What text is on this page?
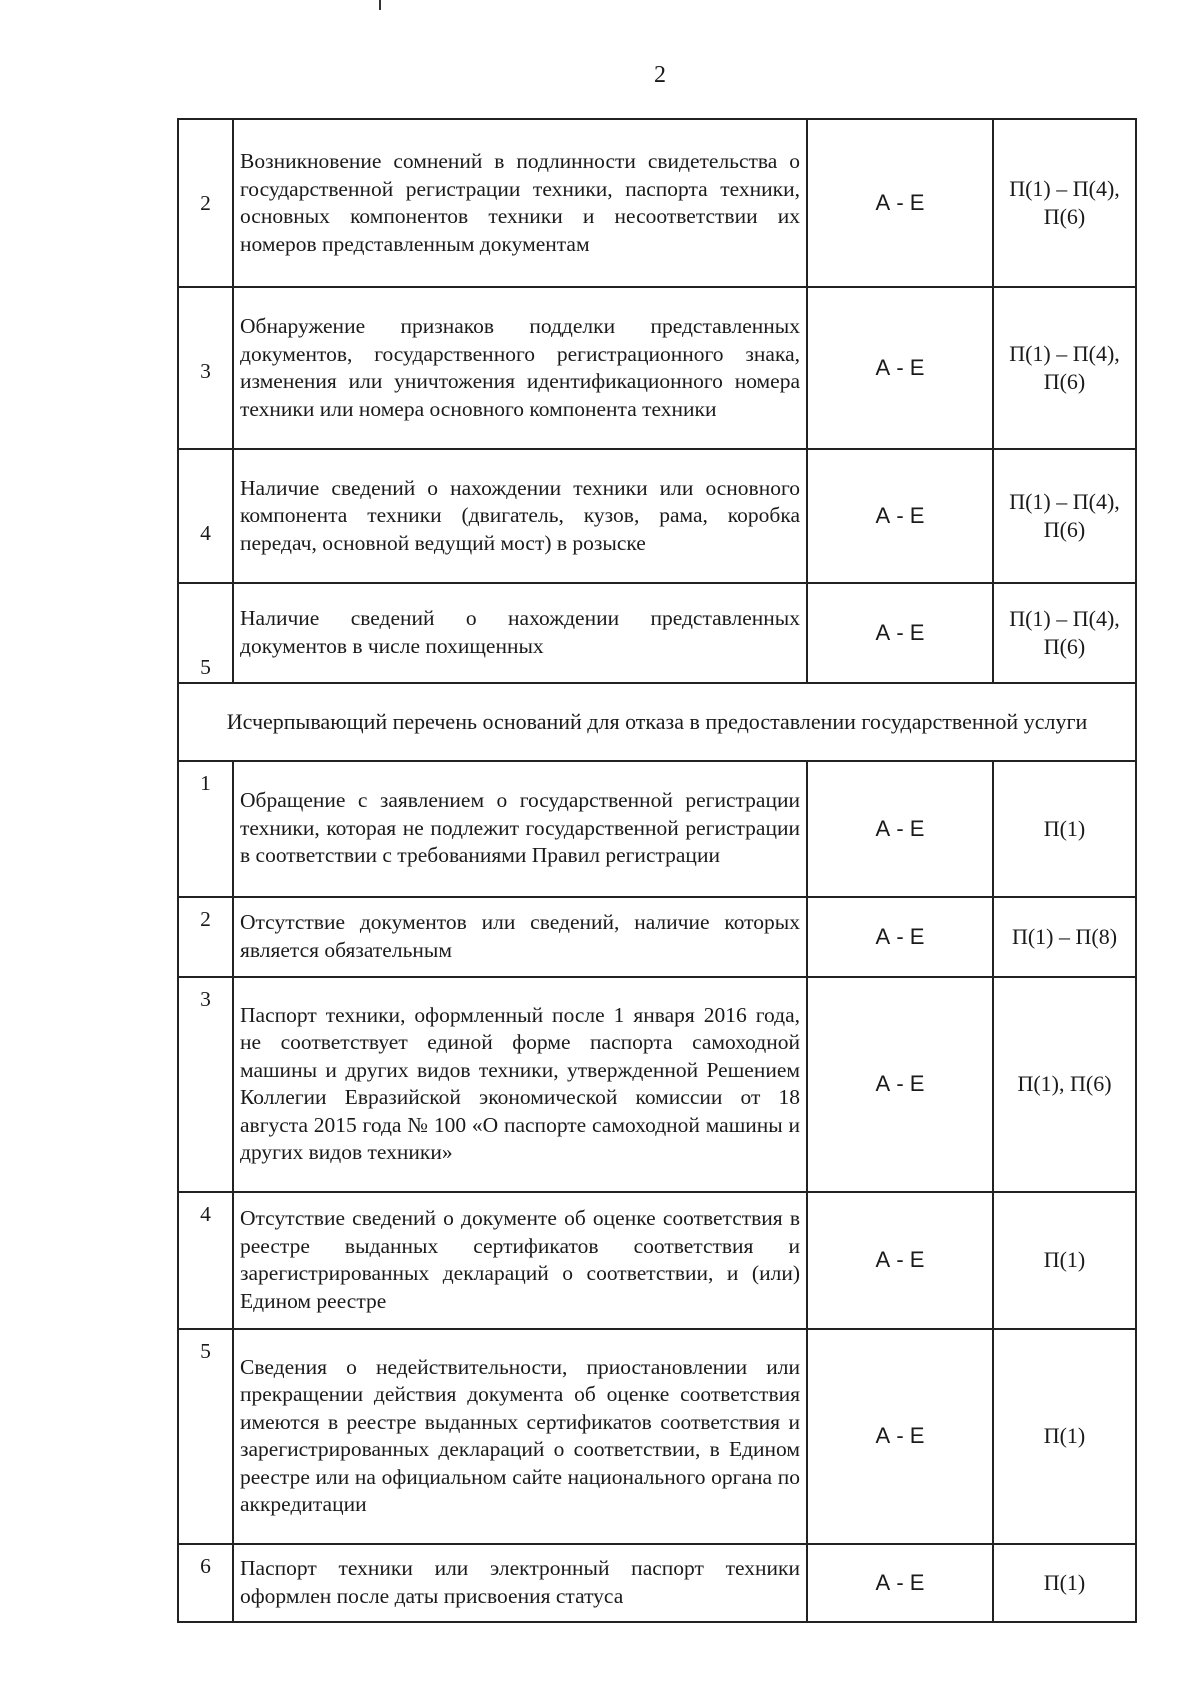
2
2	Возникновение сомнений в подлинности свидетельства о государственной регистрации техники, паспорта техники, основных компонентов техники и несоответствии их номеров представленным документам	А - Е	П(1) – П(4), П(6)
3	Обнаружение признаков подделки представленных документов, государственного регистрационного знака, изменения или уничтожения идентификационного номера техники или номера основного компонента техники	А - Е	П(1) – П(4), П(6)
4	Наличие сведений о нахождении техники или основного компонента техники (двигатель, кузов, рама, коробка передач, основной ведущий мост) в розыске	А - Е	П(1) – П(4), П(6)
5	Наличие сведений о нахождении представленных документов в числе похищенных	А - Е	П(1) – П(4), П(6)
Исчерпывающий перечень оснований для отказа в предоставлении государственной услуги			
1	Обращение с заявлением о государственной регистрации техники, которая не подлежит государственной регистрации в соответствии с требованиями Правил регистрации	А - Е	П(1)
2	Отсутствие документов или сведений, наличие которых является обязательным	А - Е	П(1) – П(8)
3	Паспорт техники, оформленный после 1 января 2016 года, не соответствует единой форме паспорта самоходной машины и других видов техники, утвержденной Решением Коллегии Евразийской экономической комиссии от 18 августа 2015 года № 100 «О паспорте самоходной машины и других видов техники»	А - Е	П(1), П(6)
4	Отсутствие сведений о документе об оценке соответствия в реестре выданных сертификатов соответствия и зарегистрированных деклараций о соответствии, и (или) Едином реестре	А - Е	П(1)
5	Сведения о недействительности, приостановлении или прекращении действия документа об оценке соответствия имеются в реестре выданных сертификатов соответствия и зарегистрированных деклараций о соответствии, в Едином реестре или на официальном сайте национального органа по аккредитации	А - Е	П(1)
6	Паспорт техники или электронный паспорт техники оформлен после даты присвоения статуса	А - Е	П(1)
